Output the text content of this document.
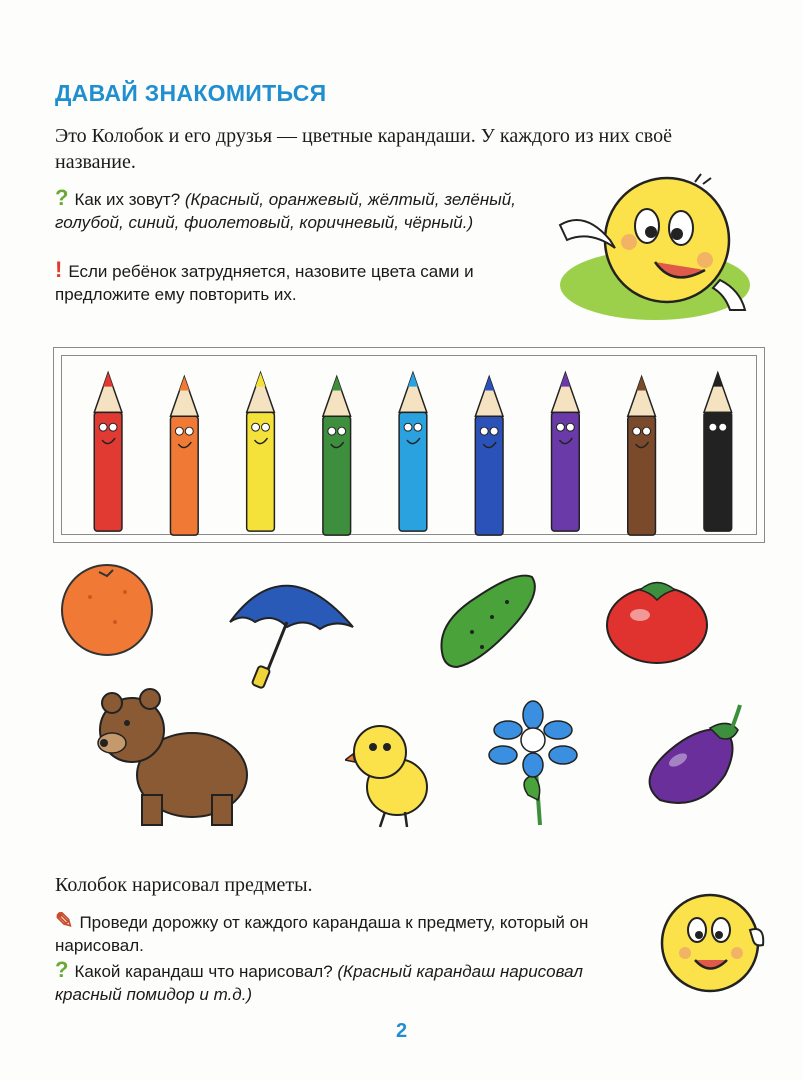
ДАВАЙ ЗНАКОМИТЬСЯ
Это Колобок и его друзья — цветные карандаши. У каждого из них своё название.
? Как их зовут? (Красный, оранжевый, жёлтый, зелёный, голубой, синий, фиолетовый, коричневый, чёрный.)
! Если ребёнок затрудняется, назовите цвета сами и предложите ему повторить их.
Колобок нарисовал предметы.
✎ Проведи дорожку от каждого карандаша к предмету, который он нарисовал.
? Какой карандаш что нарисовал? (Красный карандаш нарисовал красный помидор и т.д.)
2
